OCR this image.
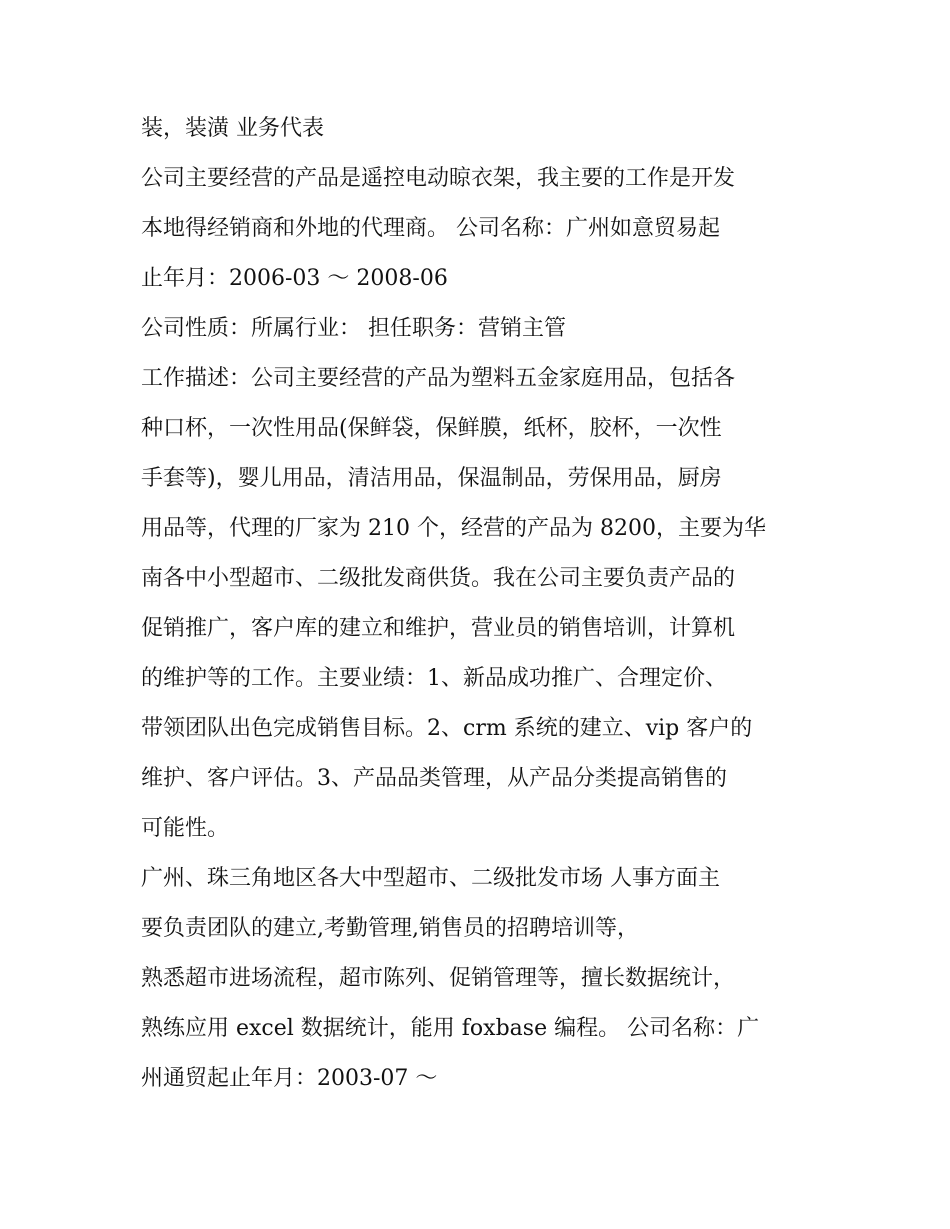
装，装潢 业务代表
公司主要经营的产品是遥控电动晾衣架，我主要的工作是开发
本地得经销商和外地的代理商。 公司名称：广州如意贸易起
止年月：2006-03 ～ 2008-06
公司性质：所属行业： 担任职务：营销主管
工作描述：公司主要经营的产品为塑料五金家庭用品，包括各
种口杯，一次性用品(保鲜袋，保鲜膜，纸杯，胶杯，一次性
手套等)，婴儿用品，清洁用品，保温制品，劳保用品，厨房
用品等，代理的厂家为 210 个，经营的产品为 8200，主要为华
南各中小型超市、二级批发商供货。我在公司主要负责产品的
促销推广，客户库的建立和维护，营业员的销售培训，计算机
的维护等的工作。主要业绩：1、新品成功推广、合理定价、
带领团队出色完成销售目标。2、crm 系统的建立、vip 客户的
维护、客户评估。3、产品品类管理，从产品分类提高销售的
可能性。
广州、珠三角地区各大中型超市、二级批发市场 人事方面主
要负责团队的建立,考勤管理,销售员的招聘培训等，
熟悉超市进场流程，超市陈列、促销管理等，擅长数据统计，
熟练应用 excel 数据统计，能用 foxbase 编程。 公司名称：广
州通贸起止年月：2003-07 ～
